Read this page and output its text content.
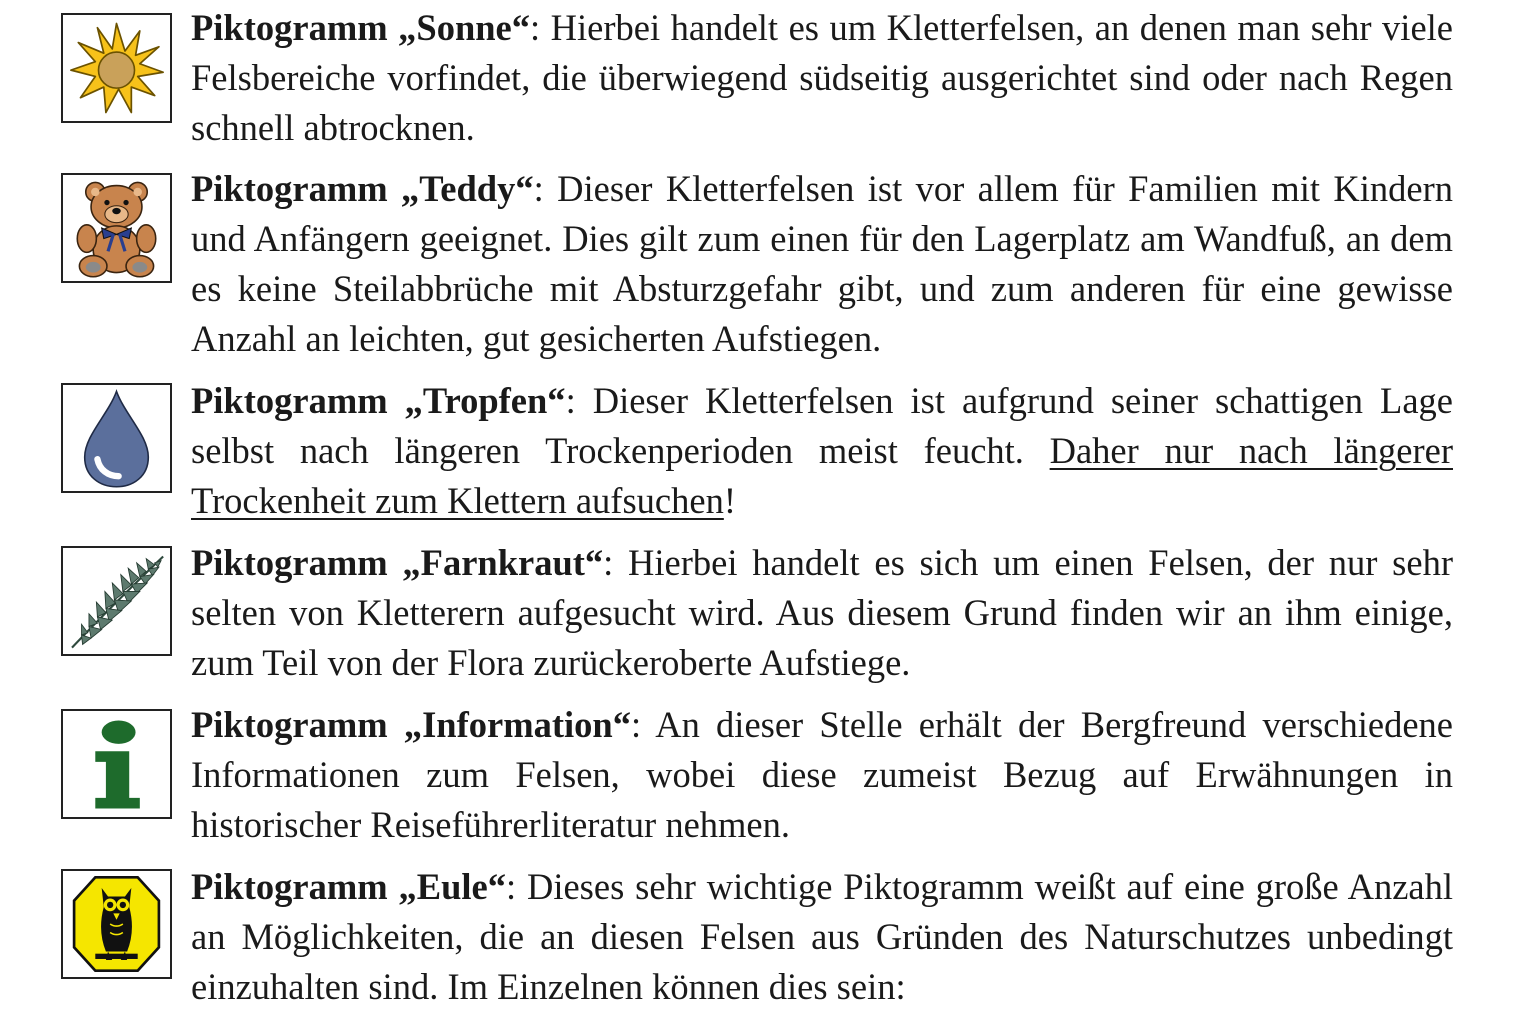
Piktogramm „Sonne“: Hierbei handelt es um Kletterfelsen, an denen man sehr viele Felsbereiche vorfindet, die überwiegend südseitig ausgerichtet sind oder nach Regen schnell abtrocknen.

Piktogramm „Teddy“: Dieser Kletterfelsen ist vor allem für Familien mit Kindern und Anfängern geeignet. Dies gilt zum einen für den Lagerplatz am Wandfuß, an dem es keine Steilabbrüche mit Absturzgefahr gibt, und zum anderen für eine gewisse Anzahl an leichten, gut gesicherten Aufstiegen.

Piktogramm „Tropfen“: Dieser Kletterfelsen ist aufgrund seiner schattigen Lage selbst nach längeren Trockenperioden meist feucht. Daher nur nach längerer Trockenheit zum Klettern aufsuchen!

Piktogramm „Farnkraut“: Hierbei handelt es sich um einen Felsen, der nur sehr selten von Kletterern aufgesucht wird. Aus diesem Grund finden wir an ihm einige, zum Teil von der Flora zurückeroberte Aufstiege.

Piktogramm „Information“: An dieser Stelle erhält der Bergfreund verschiedene Informationen zum Felsen, wobei diese zumeist Bezug auf Erwähnungen in historischer Reiseführerliteratur nehmen.

Piktogramm „Eule“: Dieses sehr wichtige Piktogramm weißt auf eine große Anzahl an Möglichkeiten, die an diesen Felsen aus Gründen des Naturschutzes unbedingt einzuhalten sind. Im Einzelnen können dies sein:
